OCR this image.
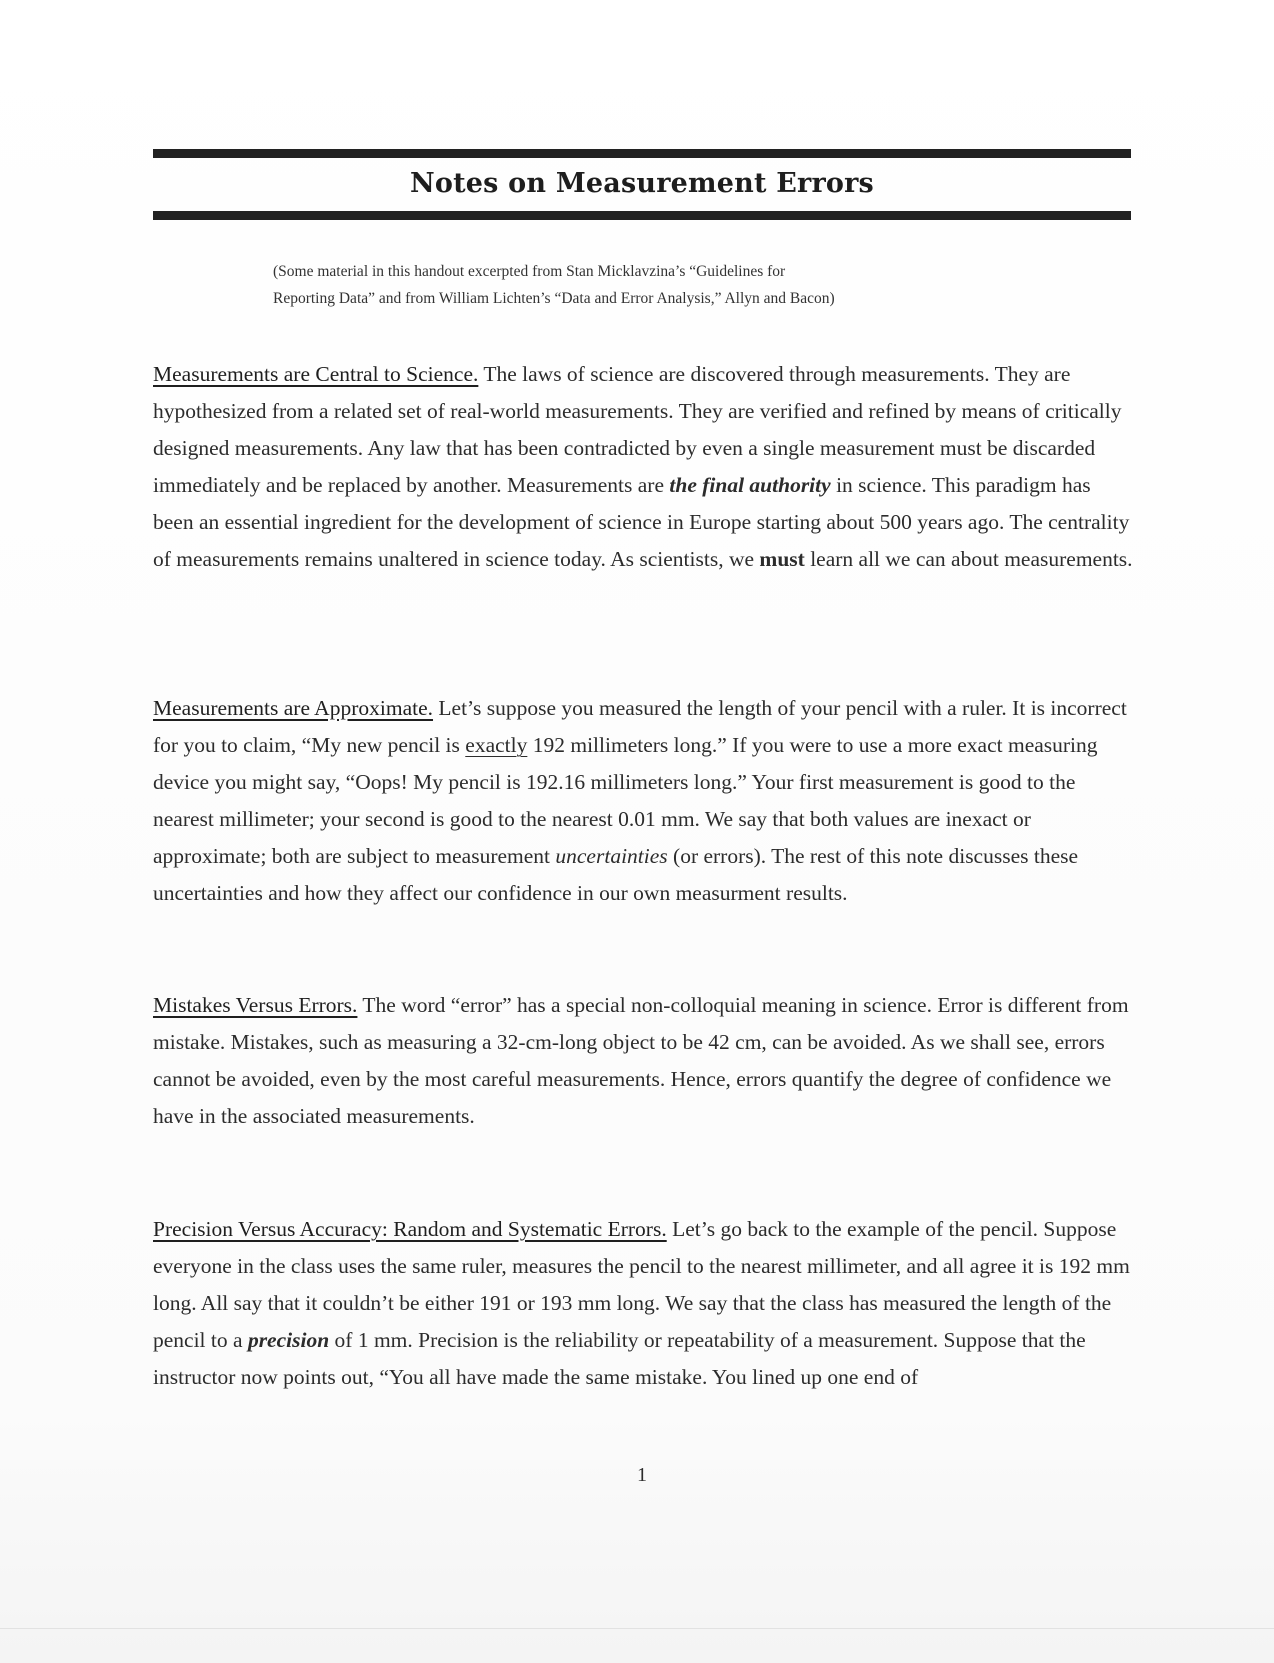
Notes on Measurement Errors
(Some material in this handout excerpted from Stan Micklavzina’s “Guidelines for
Reporting Data” and from William Lichten’s “Data and Error Analysis,” Allyn and Bacon)

Measurements are Central to Science. The laws of science are discovered through measurements. They are hypothesized from a related set of real-world measurements. They are verified and refined by means of critically designed measurements. Any law that has been contradicted by even a single measurement must be discarded immediately and be replaced by another. Measurements are the final authority in science. This paradigm has been an essential ingredient for the development of science in Europe starting about 500 years ago. The centrality of measurements remains unaltered in science today. As scientists, we must learn all we can about measurements.

Measurements are Approximate. Let’s suppose you measured the length of your pencil with a ruler. It is incorrect for you to claim, “My new pencil is exactly 192 millimeters long.” If you were to use a more exact measuring device you might say, “Oops! My pencil is 192.16 millimeters long.” Your first measurement is good to the nearest millimeter; your second is good to the nearest 0.01 mm. We say that both values are inexact or approximate; both are subject to measurement uncertainties (or errors). The rest of this note discusses these uncertainties and how they affect our confidence in our own measurment results.

Mistakes Versus Errors. The word “error” has a special non-colloquial meaning in science. Error is different from mistake. Mistakes, such as measuring a 32-cm-long object to be 42 cm, can be avoided. As we shall see, errors cannot be avoided, even by the most careful measurements. Hence, errors quantify the degree of confidence we have in the associated measurements.

Precision Versus Accuracy: Random and Systematic Errors. Let’s go back to the example of the pencil. Suppose everyone in the class uses the same ruler, measures the pencil to the nearest millimeter, and all agree it is 192 mm long. All say that it couldn’t be either 191 or 193 mm long. We say that the class has measured the length of the pencil to a precision of 1 mm. Precision is the reliability or repeatability of a measurement. Suppose that the instructor now points out, “You all have made the same mistake. You lined up one end of

1
